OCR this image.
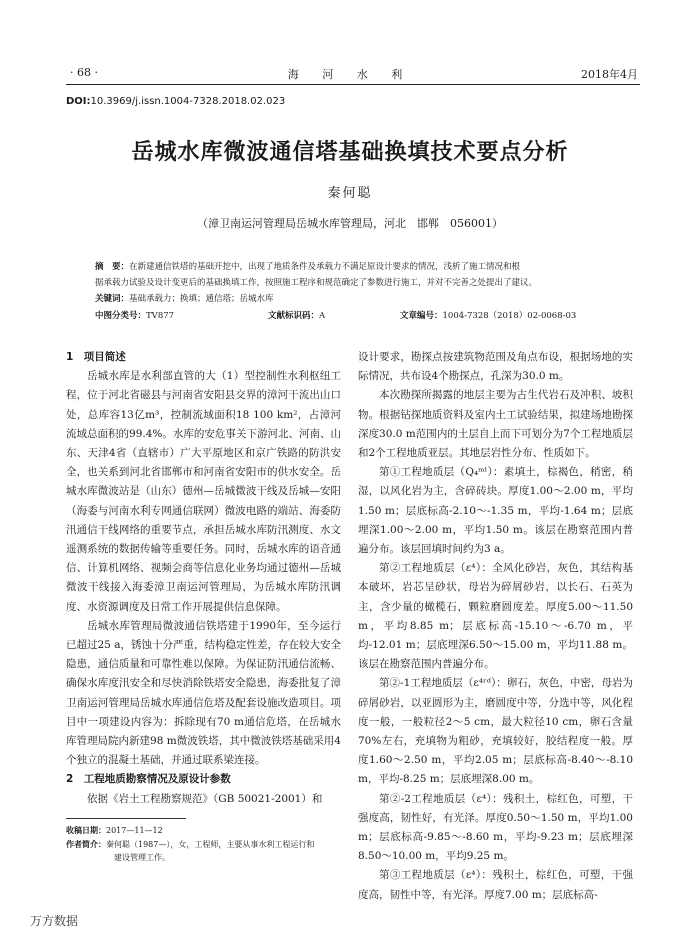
· 68 ·	海 河 水 利	2018年4月
DOI:10.3969/j.issn.1004-7328.2018.02.023
岳城水库微波通信塔基础换填技术要点分析
秦何聪
（漳卫南运河管理局岳城水库管理局，河北　邯郸　056001）
摘　要：在新建通信铁塔的基础开挖中，出现了地质条件及承载力不满足原设计要求的情况，浅析了施工情况和根
据承载力试验及设计变更后的基础换填工作，按照施工程序和规范确定了参数进行施工，并对不完善之处提出了建议。
关键词：基础承载力；换填；通信塔；岳城水库
中图分类号：TV877	文献标识码：A	文章编号：1004-7328（2018）02-0068-03
1　项目简述

岳城水库是水利部直管的大（1）型控制性水利枢纽工程，位于河北省磁县与河南省安阳县交界的漳河干流出山口处，总库容13亿m³，控制流域面积18 100 km²，占漳河流域总面积的99.4%。水库的安危事关下游河北、河南、山东、天津4省（直辖市）广大平原地区和京广铁路的防洪安全，也关系到河北省邯郸市和河南省安阳市的供水安全。岳城水库微波站是（山东）德州—岳城微波干线及岳城—安阳（海委与河南水利专网通信联网）微波电路的端站、海委防汛通信干线网络的重要节点，承担岳城水库防汛测度、水文遥测系统的数据传输等重要任务。同时，岳城水库的语音通信、计算机网络、视频会商等信息化业务均通过德州—岳城微波干线接入海委漳卫南运河管理局，为岳城水库防汛调度、水资源调度及日常工作开展提供信息保障。

岳城水库管理局微波通信铁塔建于1990年，至今运行已超过25 a，锈蚀十分严重，结构稳定性差，存在较大安全隐患，通信质量和可靠性难以保障。为保证防汛通信流畅、确保水库度汛安全和尽快消除铁塔安全隐患，海委批复了漳卫南运河管理局岳城水库通信危塔及配套设施改造项目。项目中一项建设内容为：拆除现有70 m通信危塔，在岳城水库管理局院内新建98 m微波铁塔，其中微波铁塔基础采用4个独立的混凝土基础，并通过联系梁连接。

2　工程地质勘察情况及原设计参数

依据《岩土工程勘察规范》（GB 50021-2001）和

设计要求，勘探点按建筑物范围及角点布设，根据场地的实际情况，共布设4个勘探点，孔深为30.0 m。

本次勘探所揭露的地层主要为古生代岩石及冲积、坡积物。根据钻探地质资料及室内土工试验结果，拟建场地勘探深度30.0 m范围内的土层自上而下可划分为7个工程地质层和2个工程地质亚层。其地层岩性分布、性质如下。

第①工程地质层（Q₄ᵐˡ）：素填土，棕褐色，稍密，稍湿，以风化岩为主，含碎砖块。厚度1.00～2.00 m，平均1.50 m；层底标高-2.10～-1.35 m，平均-1.64 m；层底埋深1.00～2.00 m，平均1.50 m。该层在勘察范围内普遍分布。该层回填时间约为3 a。

第②工程地质层（ε⁴）：全风化砂岩，灰色，其结构基本破坏，岩芯呈砂状，母岩为碎屑砂岩，以长石、石英为主，含少量的橄榄石，颗粒磨圆度差。厚度5.00～11.50 m，平均8.85 m；层底标高-15.10～-6.70 m，平均-12.01 m；层底埋深6.50～15.00 m，平均11.88 m。该层在勘察范围内普遍分布。

第②-1工程地质层（ε⁴ʳᵈ）：卵石，灰色，中密，母岩为碎屑砂岩，以亚圆形为主，磨圆度中等，分选中等，风化程度一般，一般粒径2～5 cm，最大粒径10 cm，卵石含量70%左右，充填物为粗砂，充填较好，胶结程度一般。厚度1.60～2.50 m，平均2.05 m；层底标高-8.40～-8.10 m，平均-8.25 m；层底埋深8.00 m。

第②-2工程地质层（ε⁴）：残积土，棕红色，可塑，干强度高，韧性好，有光泽。厚度0.50～1.50 m，平均1.00 m；层底标高-9.85～-8.60 m，平均-9.23 m；层底埋深8.50～10.00 m，平均9.25 m。

第③工程地质层（ε⁴）：残积土，棕红色，可塑，干强度高，韧性中等，有光泽。厚度7.00 m；层底标高-

收稿日期：2017—11—12
作者简介：秦何聪（1987—），女，工程师，主要从事水利工程运行和
建设管理工作。
万方数据
